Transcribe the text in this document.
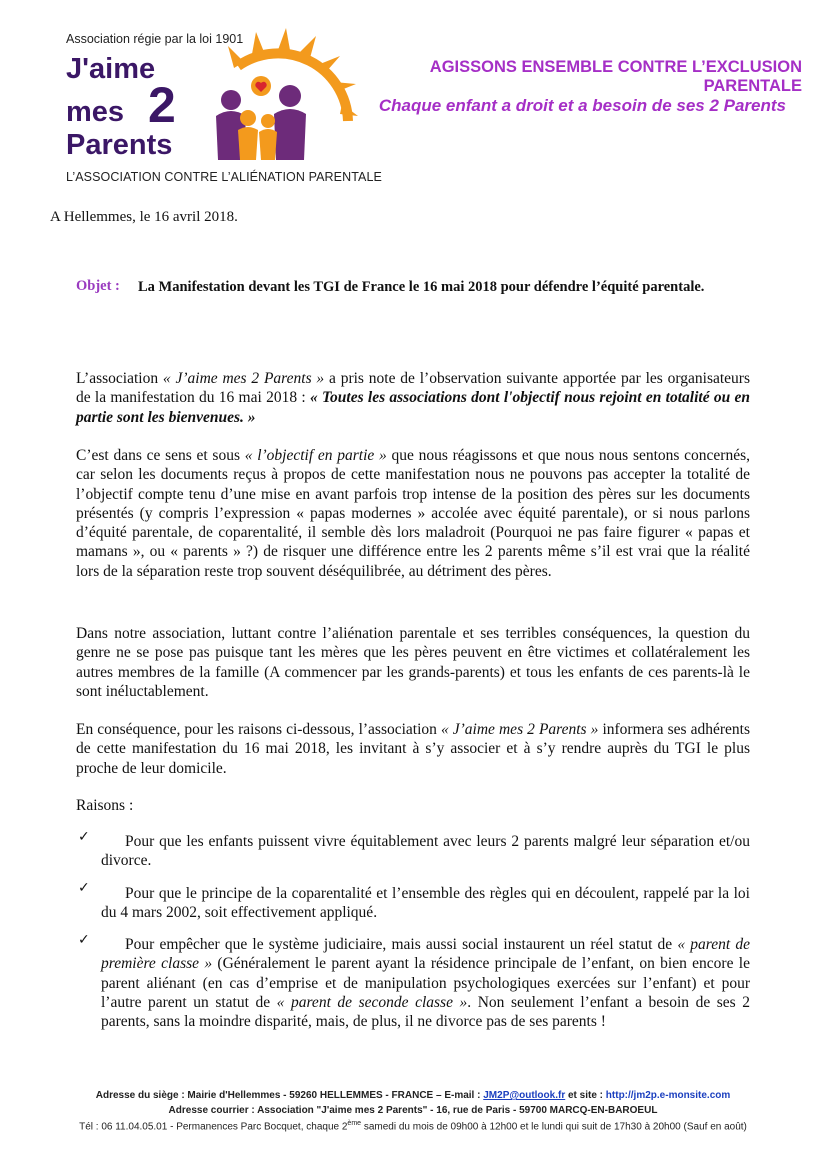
Association régie par la loi 1901
J'aime
mes 2
Parents
L’ASSOCIATION CONTRE L’ALIÉNATION PARENTALE
AGISSONS ENSEMBLE CONTRE L’EXCLUSION PARENTALE
Chaque enfant a droit et a besoin de ses 2 Parents
A Hellemmes, le 16 avril 2018.
Objet : La Manifestation devant les TGI de France le 16 mai 2018 pour défendre l’équité parentale.
L’association « J’aime mes 2 Parents » a pris note de l’observation suivante apportée par les organisateurs de la manifestation du 16 mai 2018 : « Toutes les associations dont l'objectif nous rejoint en totalité ou en partie sont les bienvenues. »
C’est dans ce sens et sous « l’objectif en partie » que nous réagissons et que nous nous sentons concernés, car selon les documents reçus à propos de cette manifestation nous ne pouvons pas accepter la totalité de l’objectif compte tenu d’une mise en avant parfois trop intense de la position des pères sur les documents présentés (y compris l’expression « papas modernes » accolée avec équité parentale), or si nous parlons d’équité parentale, de coparentalité, il semble dès lors maladroit (Pourquoi ne pas faire figurer « papas et mamans », ou « parents » ?) de risquer une différence entre les 2 parents même s’il est vrai que la réalité lors de la séparation reste trop souvent déséquilibrée, au détriment des pères.
Dans notre association, luttant contre l’aliénation parentale et ses terribles conséquences, la question du genre ne se pose pas puisque tant les mères que les pères peuvent en être victimes et collatéralement les autres membres de la famille (A commencer par les grands-parents) et tous les enfants de ces parents-là le sont inéluctablement.
En conséquence, pour les raisons ci-dessous, l’association « J’aime mes 2 Parents » informera ses adhérents de cette manifestation du 16 mai 2018, les invitant à s’y associer et à s’y rendre auprès du TGI le plus proche de leur domicile.
Raisons :
✓	Pour que les enfants puissent vivre équitablement avec leurs 2 parents malgré leur séparation et/ou divorce.
✓	Pour que le principe de la coparentalité et l’ensemble des règles qui en découlent, rappelé par la loi du 4 mars 2002, soit effectivement appliqué.
✓	Pour empêcher que le système judiciaire, mais aussi social instaurent un réel statut de « parent de première classe » (Généralement le parent ayant la résidence principale de l’enfant, on bien encore le parent aliénant (en cas d’emprise et de manipulation psychologiques exercées sur l’enfant) et pour l’autre parent un statut de « parent de seconde classe ». Non seulement l’enfant a besoin de ses 2 parents, sans la moindre disparité, mais, de plus, il ne divorce pas de ses parents !
Adresse du siège : Mairie d'Hellemmes - 59260 HELLEMMES - FRANCE – E-mail : JM2P@outlook.fr et site : http://jm2p.e-monsite.com
Adresse courrier : Association "J'aime mes 2 Parents" - 16, rue de Paris - 59700 MARCQ-EN-BAROEUL
Tél : 06 11.04.05.01 - Permanences Parc Bocquet, chaque 2ème samedi du mois de 09h00 à 12h00 et le lundi qui suit de 17h30 à 20h00 (Sauf en août)
